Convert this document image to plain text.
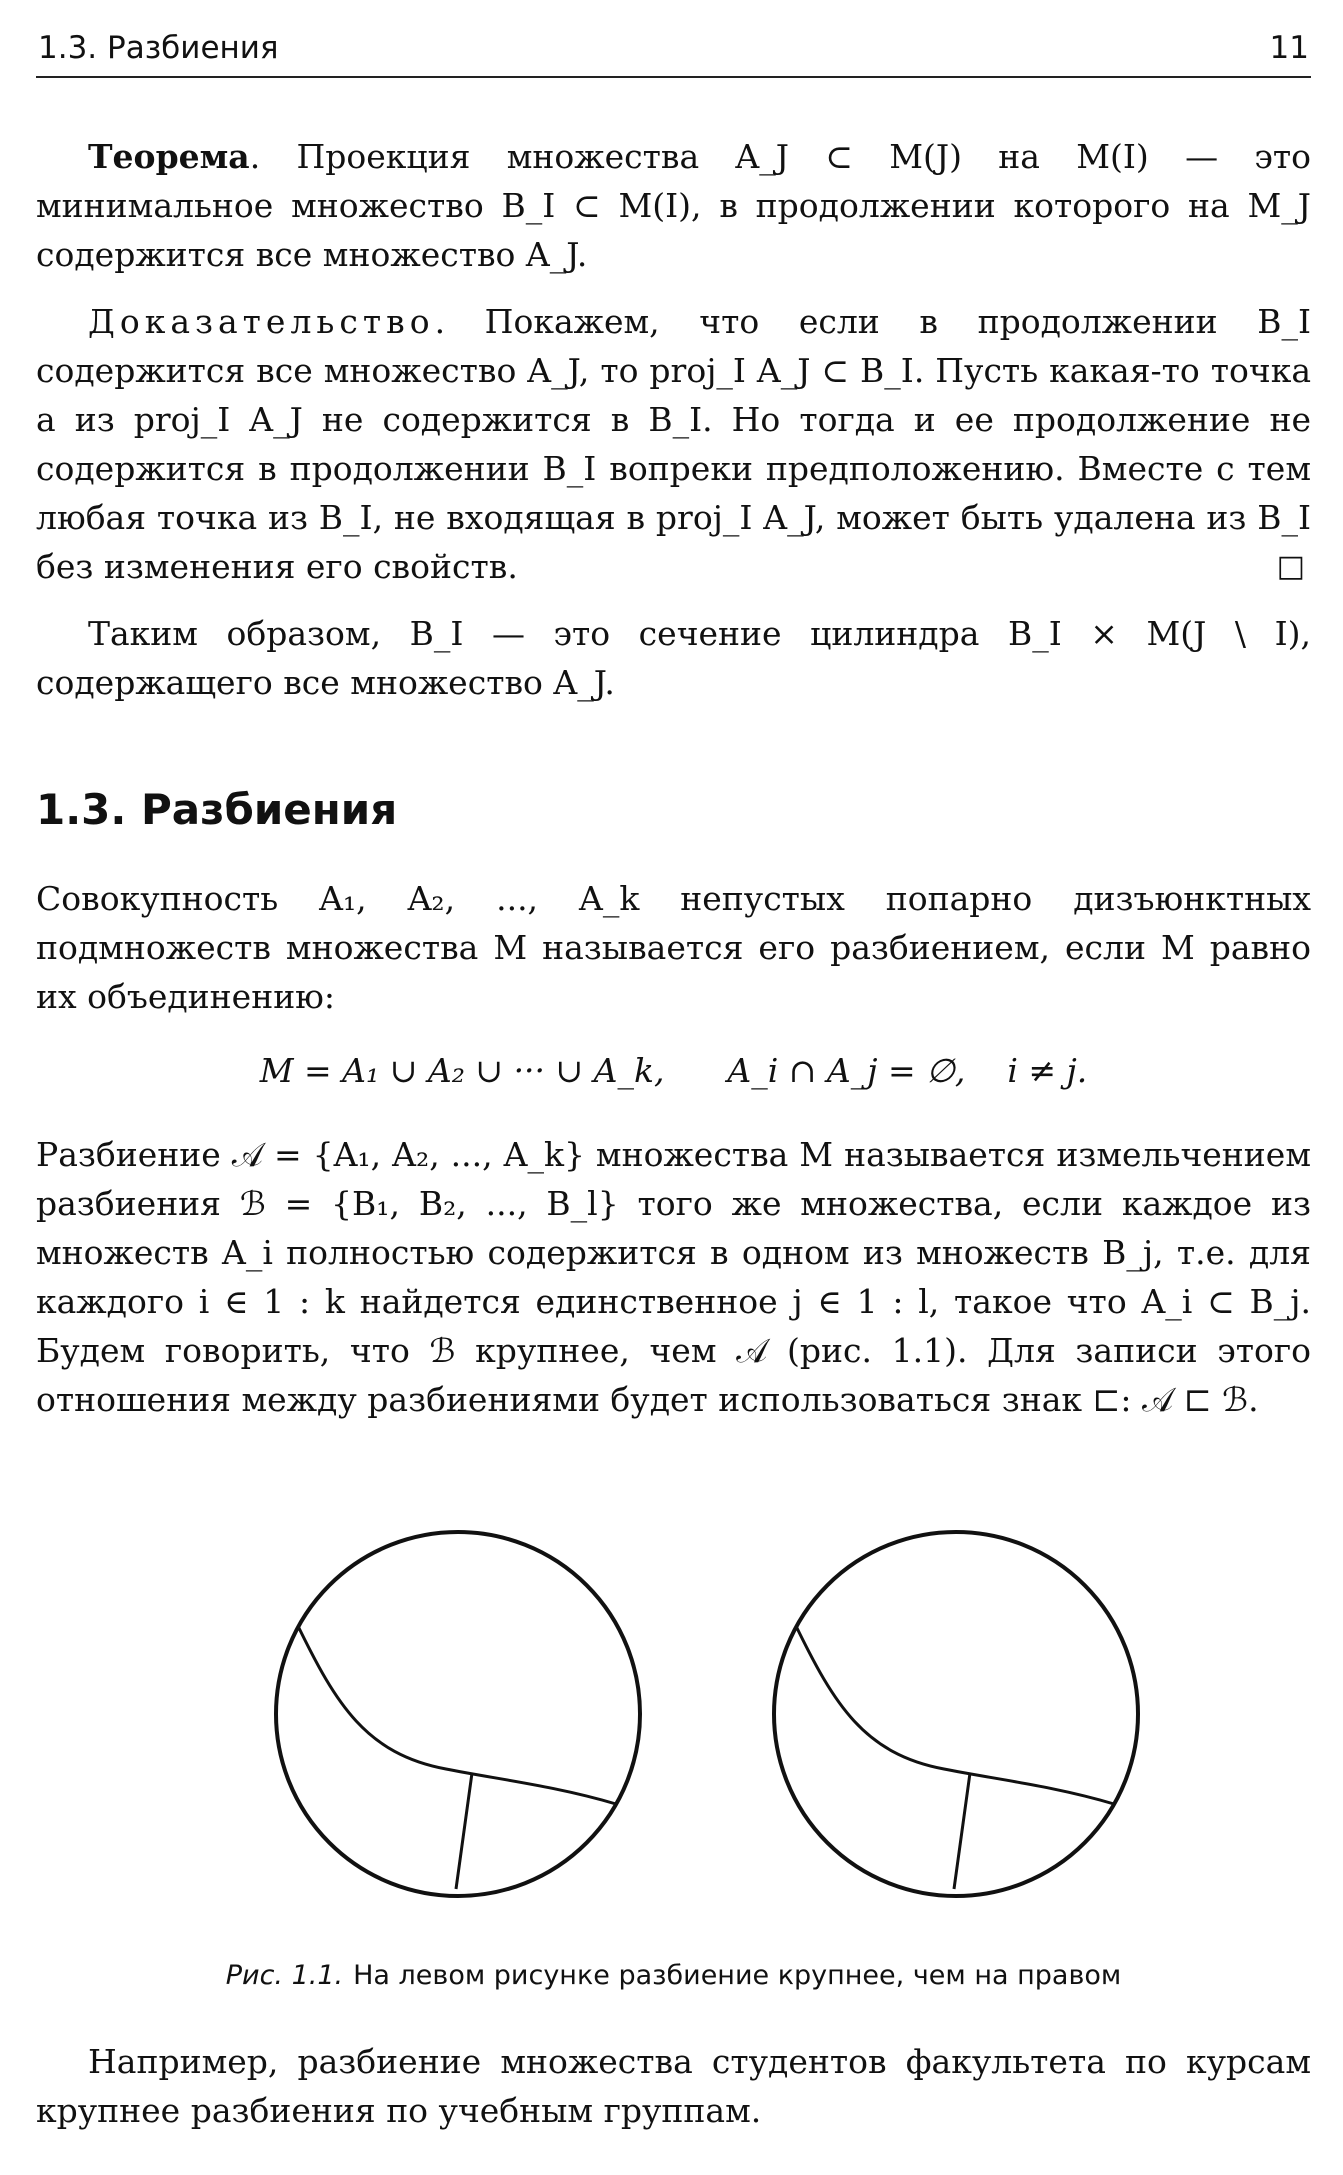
1.3. Разбиения	11

Теорема. Проекция множества A_J ⊂ M(J) на M(I) — это минимальное множество B_I ⊂ M(I), в продолжении которого на M_J содержится все множество A_J.

Доказательство. Покажем, что если в продолжении B_I содержится все множество A_J, то proj_I A_J ⊂ B_I. Пусть какая-то точка a из proj_I A_J не содержится в B_I. Но тогда и ее продолжение не содержится в продолжении B_I вопреки предположению. Вместе с тем любая точка из B_I, не входящая в proj_I A_J, может быть удалена из B_I без изменения его свойств.	□

Таким образом, B_I — это сечение цилиндра B_I × M(J \ I), содержащего все множество A_J.

1.3. Разбиения

Совокупность A₁, A₂, ..., A_k непустых попарно дизъюнктных подмножеств множества M называется его разбиением, если M равно их объединению:

M = A₁ ∪ A₂ ∪ ··· ∪ A_k,      A_i ∩ A_j = ∅,    i ≠ j.

Разбиение 𝒜 = {A₁, A₂, ..., A_k} множества M называется измельчением разбиения ℬ = {B₁, B₂, ..., B_l} того же множества, если каждое из множеств A_i полностью содержится в одном из множеств B_j, т.е. для каждого i ∈ 1 : k найдется единственное j ∈ 1 : l, такое что A_i ⊂ B_j. Будем говорить, что ℬ крупнее, чем 𝒜 (рис. 1.1). Для записи этого отношения между разбиениями будет использоваться знак ⊏: 𝒜 ⊏ ℬ.

Рис. 1.1. На левом рисунке разбиение крупнее, чем на правом

Например, разбиение множества студентов факультета по курсам крупнее разбиения по учебным группам.
